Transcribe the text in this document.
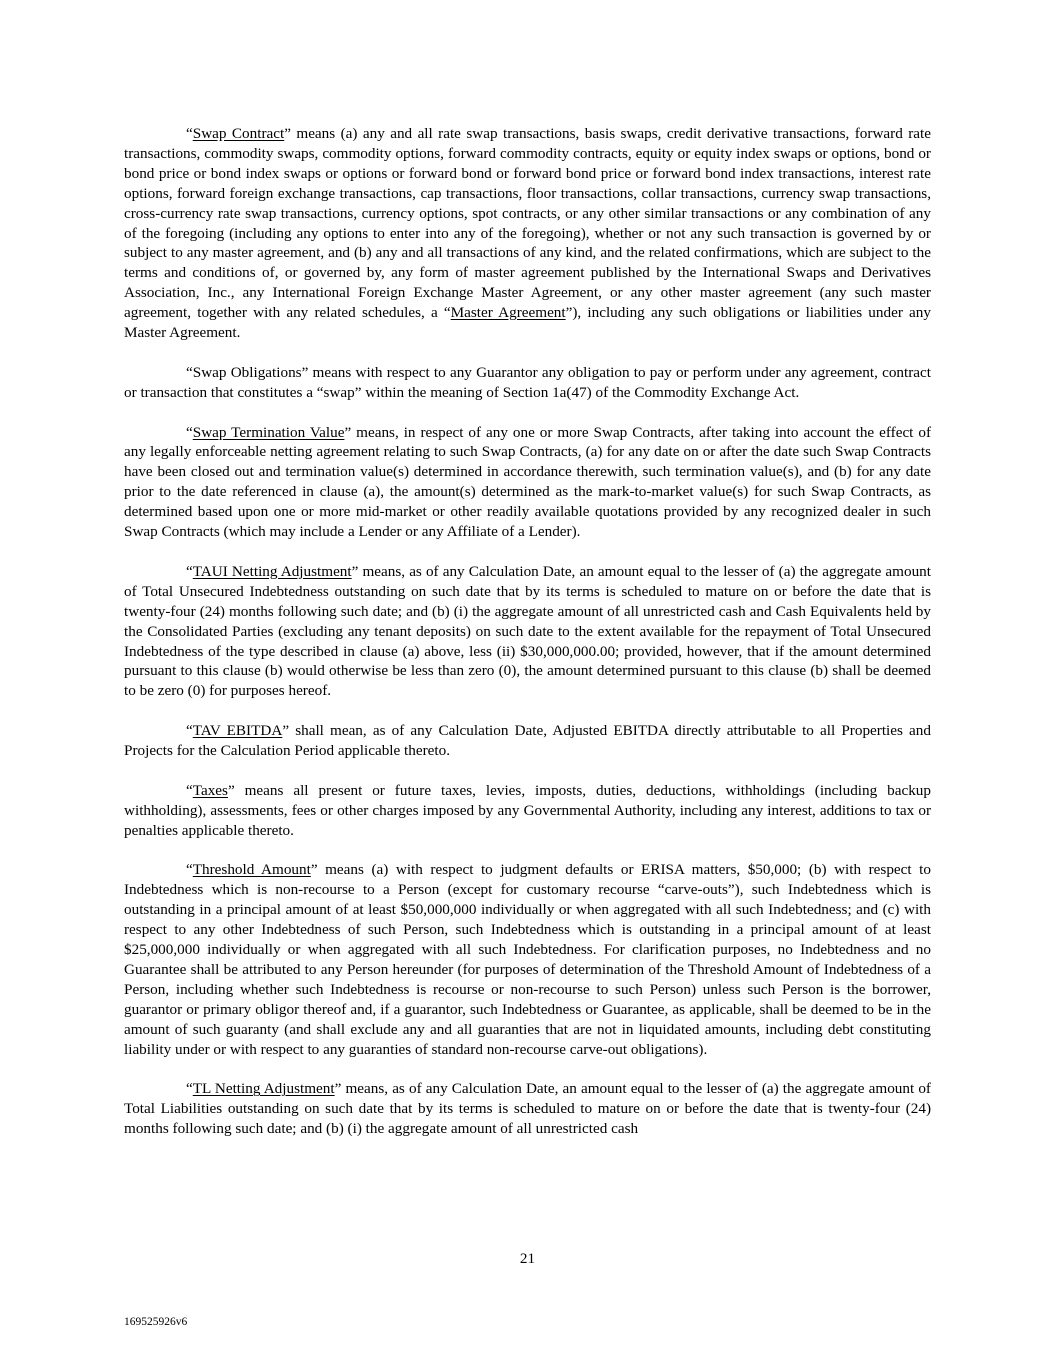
“Swap Contract” means (a) any and all rate swap transactions, basis swaps, credit derivative transactions, forward rate transactions, commodity swaps, commodity options, forward commodity contracts, equity or equity index swaps or options, bond or bond price or bond index swaps or options or forward bond or forward bond price or forward bond index transactions, interest rate options, forward foreign exchange transactions, cap transactions, floor transactions, collar transactions, currency swap transactions, cross-currency rate swap transactions, currency options, spot contracts, or any other similar transactions or any combination of any of the foregoing (including any options to enter into any of the foregoing), whether or not any such transaction is governed by or subject to any master agreement, and (b) any and all transactions of any kind, and the related confirmations, which are subject to the terms and conditions of, or governed by, any form of master agreement published by the International Swaps and Derivatives Association, Inc., any International Foreign Exchange Master Agreement, or any other master agreement (any such master agreement, together with any related schedules, a “Master Agreement”), including any such obligations or liabilities under any Master Agreement.

“Swap Obligations” means with respect to any Guarantor any obligation to pay or perform under any agreement, contract or transaction that constitutes a “swap” within the meaning of Section 1a(47) of the Commodity Exchange Act.

“Swap Termination Value” means, in respect of any one or more Swap Contracts, after taking into account the effect of any legally enforceable netting agreement relating to such Swap Contracts, (a) for any date on or after the date such Swap Contracts have been closed out and termination value(s) determined in accordance therewith, such termination value(s), and (b) for any date prior to the date referenced in clause (a), the amount(s) determined as the mark-to-market value(s) for such Swap Contracts, as determined based upon one or more mid-market or other readily available quotations provided by any recognized dealer in such Swap Contracts (which may include a Lender or any Affiliate of a Lender).

“TAUI Netting Adjustment” means, as of any Calculation Date, an amount equal to the lesser of (a) the aggregate amount of Total Unsecured Indebtedness outstanding on such date that by its terms is scheduled to mature on or before the date that is twenty-four (24) months following such date; and (b) (i) the aggregate amount of all unrestricted cash and Cash Equivalents held by the Consolidated Parties (excluding any tenant deposits) on such date to the extent available for the repayment of Total Unsecured Indebtedness of the type described in clause (a) above, less (ii) $30,000,000.00; provided, however, that if the amount determined pursuant to this clause (b) would otherwise be less than zero (0), the amount determined pursuant to this clause (b) shall be deemed to be zero (0) for purposes hereof.

“TAV EBITDA” shall mean, as of any Calculation Date, Adjusted EBITDA directly attributable to all Properties and Projects for the Calculation Period applicable thereto.

“Taxes” means all present or future taxes, levies, imposts, duties, deductions, withholdings (including backup withholding), assessments, fees or other charges imposed by any Governmental Authority, including any interest, additions to tax or penalties applicable thereto.

“Threshold Amount” means (a) with respect to judgment defaults or ERISA matters, $50,000; (b) with respect to Indebtedness which is non-recourse to a Person (except for customary recourse “carve-outs”), such Indebtedness which is outstanding in a principal amount of at least $50,000,000 individually or when aggregated with all such Indebtedness; and (c) with respect to any other Indebtedness of such Person, such Indebtedness which is outstanding in a principal amount of at least $25,000,000 individually or when aggregated with all such Indebtedness. For clarification purposes, no Indebtedness and no Guarantee shall be attributed to any Person hereunder (for purposes of determination of the Threshold Amount of Indebtedness of a Person, including whether such Indebtedness is recourse or non-recourse to such Person) unless such Person is the borrower, guarantor or primary obligor thereof and, if a guarantor, such Indebtedness or Guarantee, as applicable, shall be deemed to be in the amount of such guaranty (and shall exclude any and all guaranties that are not in liquidated amounts, including debt constituting liability under or with respect to any guaranties of standard non-recourse carve-out obligations).

“TL Netting Adjustment” means, as of any Calculation Date, an amount equal to the lesser of (a) the aggregate amount of Total Liabilities outstanding on such date that by its terms is scheduled to mature on or before the date that is twenty-four (24) months following such date; and (b) (i) the aggregate amount of all unrestricted cash

21
169525926v6
